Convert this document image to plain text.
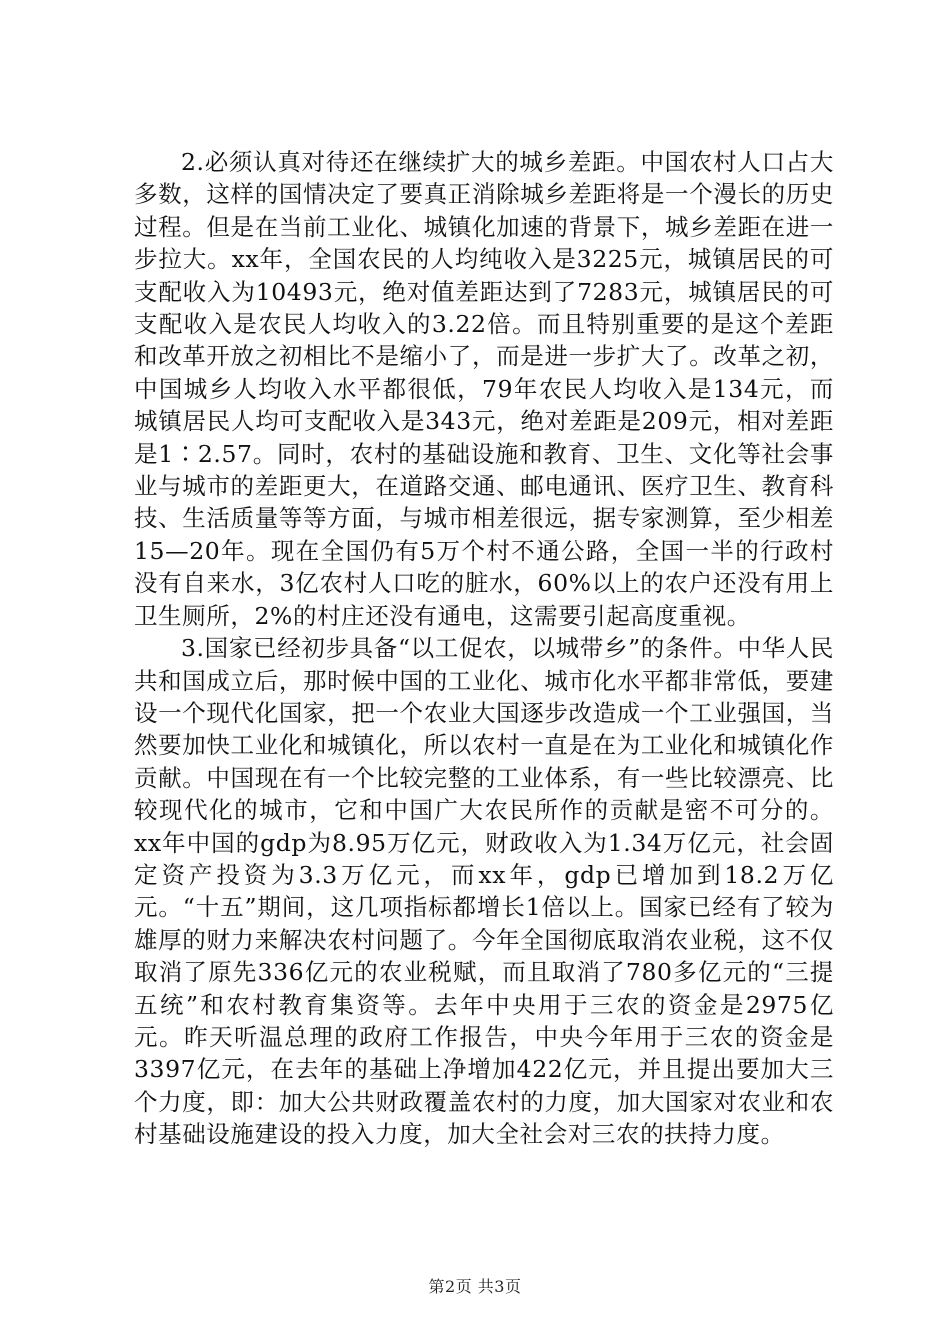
2.必须认真对待还在继续扩大的城乡差距。中国农村人口占大多数，这样的国情决定了要真正消除城乡差距将是一个漫长的历史过程。但是在当前工业化、城镇化加速的背景下，城乡差距在进一步拉大。xx年，全国农民的人均纯收入是3225元，城镇居民的可支配收入为10493元，绝对值差距达到了7283元，城镇居民的可支配收入是农民人均收入的3.22倍。而且特别重要的是这个差距和改革开放之初相比不是缩小了，而是进一步扩大了。改革之初，中国城乡人均收入水平都很低，79年农民人均收入是134元，而城镇居民人均可支配收入是343元，绝对差距是209元，相对差距是1∶2.57。同时，农村的基础设施和教育、卫生、文化等社会事业与城市的差距更大，在道路交通、邮电通讯、医疗卫生、教育科技、生活质量等等方面，与城市相差很远，据专家测算，至少相差15—20年。现在全国仍有5万个村不通公路，全国一半的行政村没有自来水，3亿农村人口吃的脏水，60%以上的农户还没有用上卫生厕所，2%的村庄还没有通电，这需要引起高度重视。

3.国家已经初步具备“以工促农，以城带乡”的条件。中华人民共和国成立后，那时候中国的工业化、城市化水平都非常低，要建设一个现代化国家，把一个农业大国逐步改造成一个工业强国，当然要加快工业化和城镇化，所以农村一直是在为工业化和城镇化作贡献。中国现在有一个比较完整的工业体系，有一些比较漂亮、比较现代化的城市，它和中国广大农民所作的贡献是密不可分的。xx年中国的gdp为8.95万亿元，财政收入为1.34万亿元，社会固定资产投资为3.3万亿元，而xx年，gdp已增加到18.2万亿元。“十五”期间，这几项指标都增长1倍以上。国家已经有了较为雄厚的财力来解决农村问题了。今年全国彻底取消农业税，这不仅取消了原先336亿元的农业税赋，而且取消了780多亿元的“三提五统”和农村教育集资等。去年中央用于三农的资金是2975亿元。昨天听温总理的政府工作报告，中央今年用于三农的资金是3397亿元，在去年的基础上净增加422亿元，并且提出要加大三个力度，即：加大公共财政覆盖农村的力度，加大国家对农业和农村基础设施建设的投入力度，加大全社会对三农的扶持力度。

第2页 共3页
